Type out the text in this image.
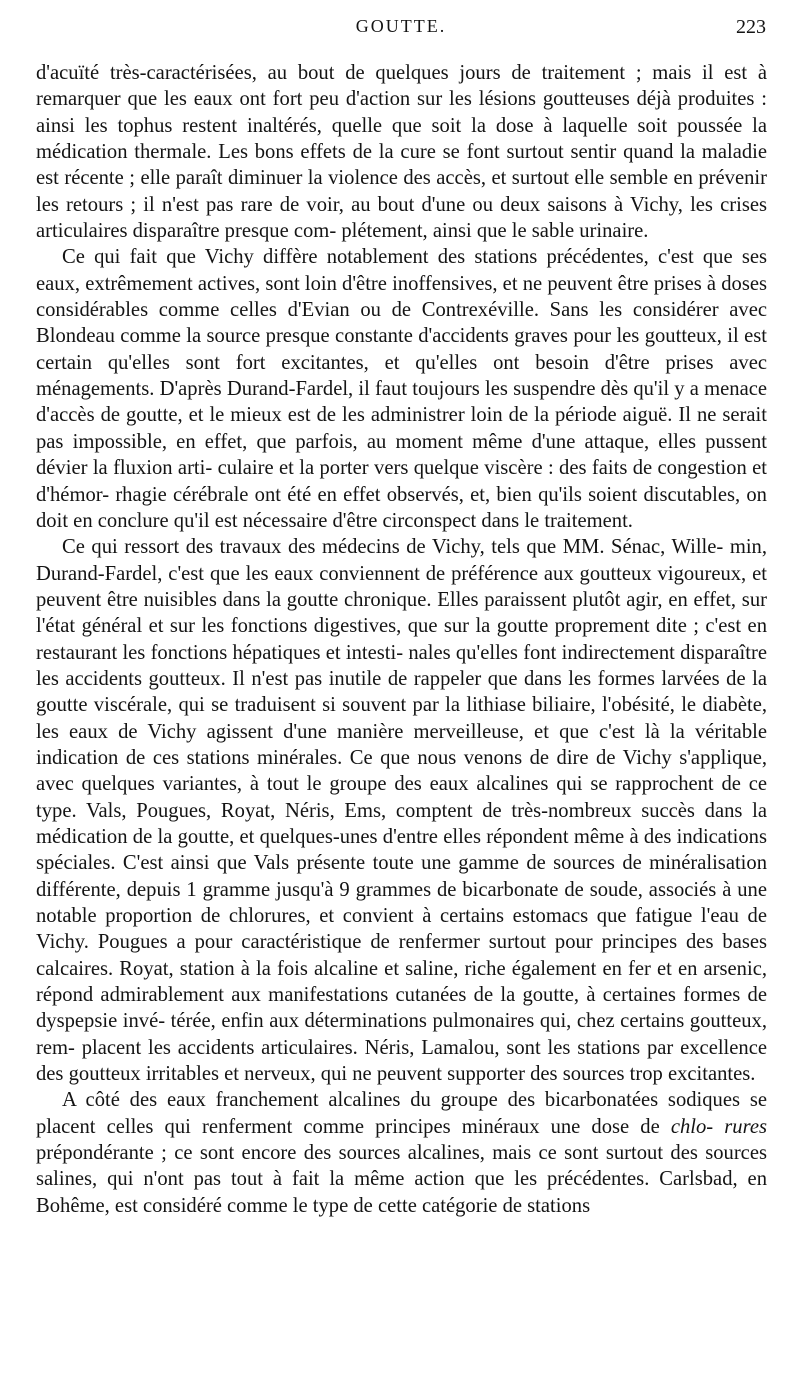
GOUTTE.	223

d'acuïté très-caractérisées, au bout de quelques jours de traitement ; mais il est à remarquer que les eaux ont fort peu d'action sur les lésions goutteuses déjà produites : ainsi les tophus restent inaltérés, quelle que soit la dose à laquelle soit poussée la médication thermale. Les bons effets de la cure se font surtout sentir quand la maladie est récente ; elle paraît diminuer la violence des accès, et surtout elle semble en prévenir les retours ; il n'est pas rare de voir, au bout d'une ou deux saisons à Vichy, les crises articulaires disparaître presque com- plétement, ainsi que le sable urinaire.

Ce qui fait que Vichy diffère notablement des stations précédentes, c'est que ses eaux, extrêmement actives, sont loin d'être inoffensives, et ne peuvent être prises à doses considérables comme celles d'Evian ou de Contrexéville. Sans les considérer avec Blondeau comme la source presque constante d'accidents graves pour les goutteux, il est certain qu'elles sont fort excitantes, et qu'elles ont besoin d'être prises avec ménagements. D'après Durand-Fardel, il faut toujours les suspendre dès qu'il y a menace d'accès de goutte, et le mieux est de les administrer loin de la période aiguë. Il ne serait pas impossible, en effet, que parfois, au moment même d'une attaque, elles pussent dévier la fluxion arti- culaire et la porter vers quelque viscère : des faits de congestion et d'hémor- rhagie cérébrale ont été en effet observés, et, bien qu'ils soient discutables, on doit en conclure qu'il est nécessaire d'être circonspect dans le traitement.

Ce qui ressort des travaux des médecins de Vichy, tels que MM. Sénac, Wille- min, Durand-Fardel, c'est que les eaux conviennent de préférence aux goutteux vigoureux, et peuvent être nuisibles dans la goutte chronique. Elles paraissent plutôt agir, en effet, sur l'état général et sur les fonctions digestives, que sur la goutte proprement dite ; c'est en restaurant les fonctions hépatiques et intesti- nales qu'elles font indirectement disparaître les accidents goutteux. Il n'est pas inutile de rappeler que dans les formes larvées de la goutte viscérale, qui se traduisent si souvent par la lithiase biliaire, l'obésité, le diabète, les eaux de Vichy agissent d'une manière merveilleuse, et que c'est là la véritable indication de ces stations minérales. Ce que nous venons de dire de Vichy s'applique, avec quelques variantes, à tout le groupe des eaux alcalines qui se rapprochent de ce type. Vals, Pougues, Royat, Néris, Ems, comptent de très-nombreux succès dans la médication de la goutte, et quelques-unes d'entre elles répondent même à des indications spéciales. C'est ainsi que Vals présente toute une gamme de sources de minéralisation différente, depuis 1 gramme jusqu'à 9 grammes de bicarbonate de soude, associés à une notable proportion de chlorures, et convient à certains estomacs que fatigue l'eau de Vichy. Pougues a pour caractéristique de renfermer surtout pour principes des bases calcaires. Royat, station à la fois alcaline et saline, riche également en fer et en arsenic, répond admirablement aux manifestations cutanées de la goutte, à certaines formes de dyspepsie invé- térée, enfin aux déterminations pulmonaires qui, chez certains goutteux, rem- placent les accidents articulaires. Néris, Lamalou, sont les stations par excellence des goutteux irritables et nerveux, qui ne peuvent supporter des sources trop excitantes.

A côté des eaux franchement alcalines du groupe des bicarbonatées sodiques se placent celles qui renferment comme principes minéraux une dose de chlo- rures prépondérante ; ce sont encore des sources alcalines, mais ce sont surtout des sources salines, qui n'ont pas tout à fait la même action que les précédentes. Carlsbad, en Bohême, est considéré comme le type de cette catégorie de stations
